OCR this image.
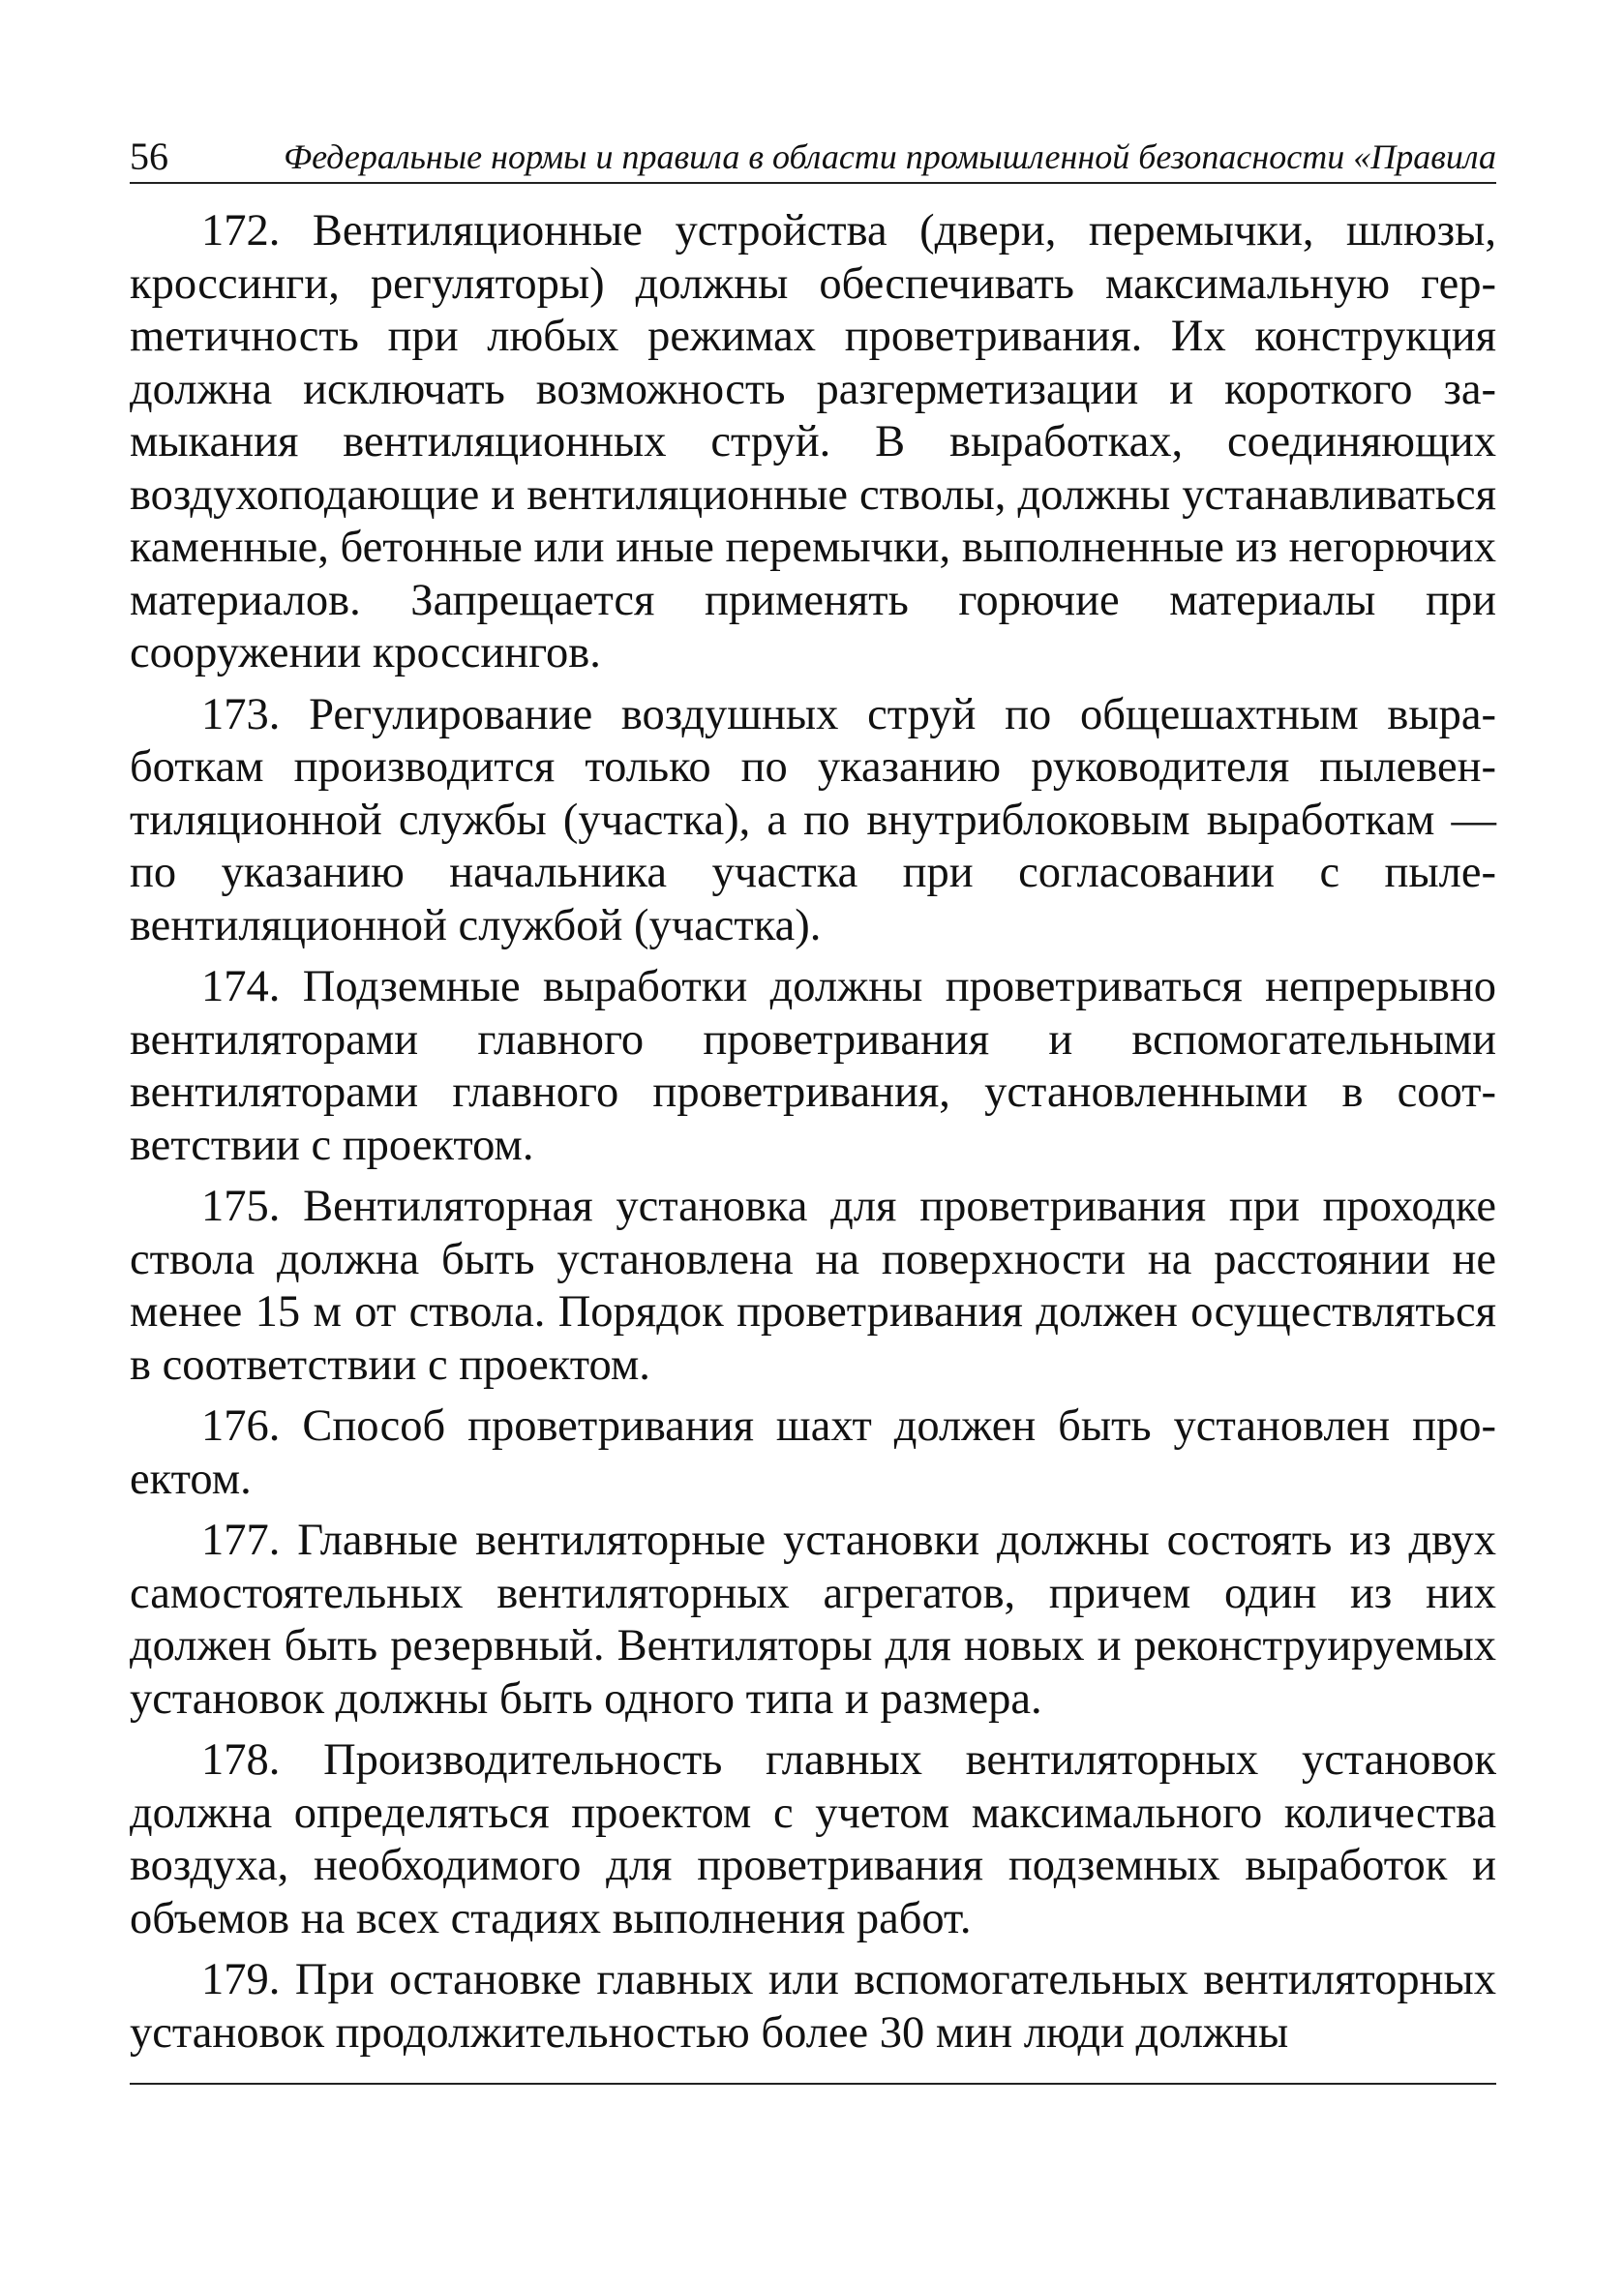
56	Федеральные нормы и правила в области промышленной безопасности «Правила

172. Вентиляционные устройства (двери, перемычки, шлюзы, кроссинги, регуляторы) должны обеспечивать максимальную герmетичность при любых режимах проветривания. Их конструкция должна исключать возможность разгерметизации и короткого замыкания вентиляционных струй. В выработках, соединяющих воздухоподающие и вентиляционные стволы, должны устанавливаться каменные, бетонные или иные перемычки, выполненные из негорючих материалов. Запрещается применять горючие материалы при сооружении кроссингов.

173. Регулирование воздушных струй по общешахтным выработкам производится только по указанию руководителя пылевентиляционной службы (участка), а по внутриблоковым выработкам — по указанию начальника участка при согласовании с пылевентиляционной службой (участка).

174. Подземные выработки должны проветриваться непрерывно вентиляторами главного проветривания и вспомогательными вентиляторами главного проветривания, установленными в соответствии с проектом.

175. Вентиляторная установка для проветривания при проходке ствола должна быть установлена на поверхности на расстоянии не менее 15 м от ствола. Порядок проветривания должен осуществляться в соответствии с проектом.

176. Способ проветривания шахт должен быть установлен проектом.

177. Главные вентиляторные установки должны состоять из двух самостоятельных вентиляторных агрегатов, причем один из них должен быть резервный. Вентиляторы для новых и реконструируемых установок должны быть одного типа и размера.

178. Производительность главных вентиляторных установок должна определяться проектом с учетом максимального количества воздуха, необходимого для проветривания подземных выработок и объемов на всех стадиях выполнения работ.

179. При остановке главных или вспомогательных вентиляторных установок продолжительностью более 30 мин люди должны
